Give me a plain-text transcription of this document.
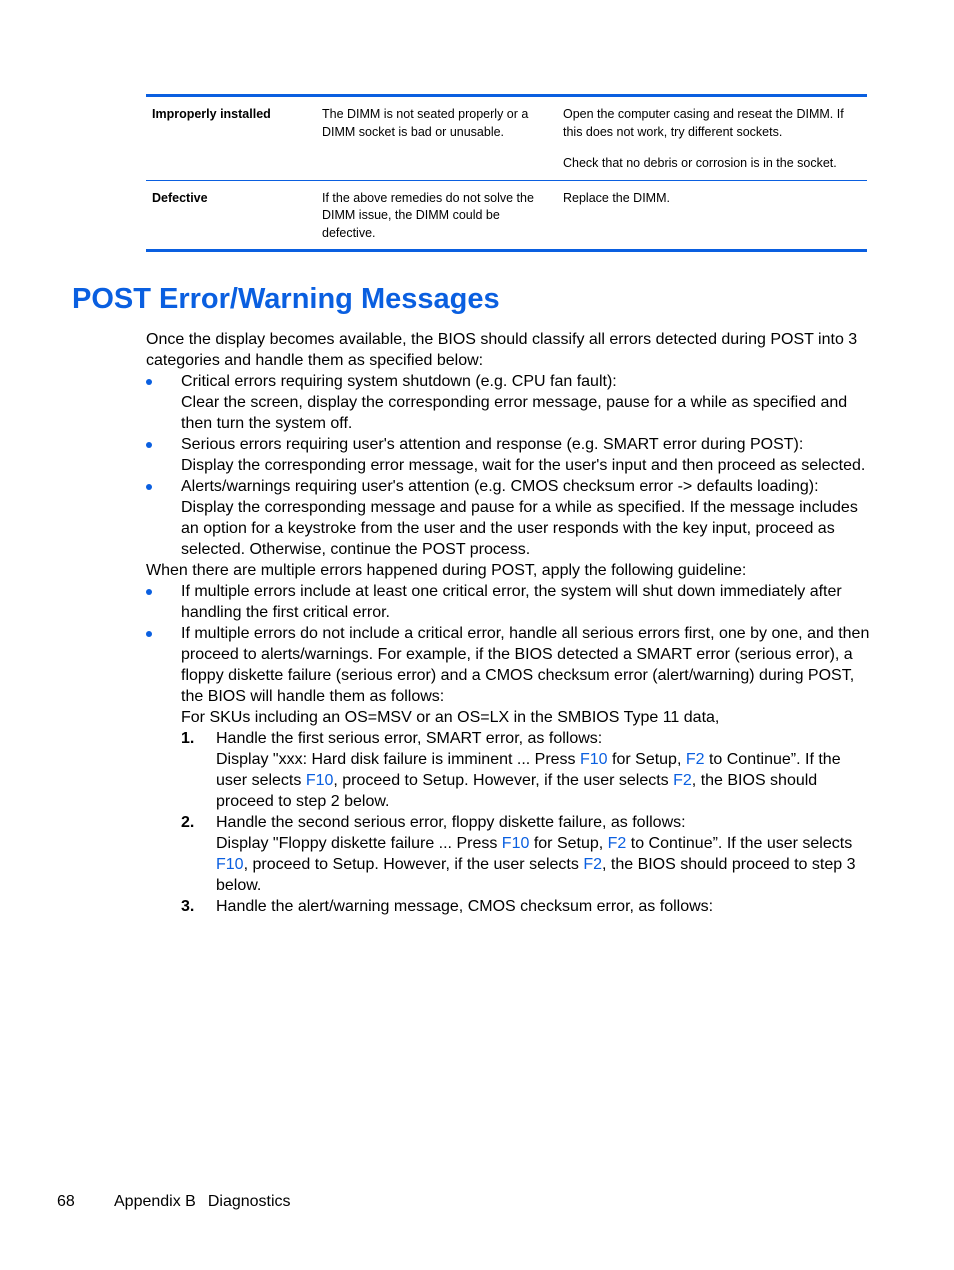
Improperly installed	The DIMM is not seated properly or a DIMM socket is bad or unusable.

Open the computer casing and reseat the DIMM. If this does not work, try different sockets.

Check that no debris or corrosion is in the socket.

Defective	If the above remedies do not solve the DIMM issue, the DIMM could be defective.

Replace the DIMM.

POST Error/Warning Messages

Once the display becomes available, the BIOS should classify all errors detected during POST into 3 categories and handle them as specified below:

Critical errors requiring system shutdown (e.g. CPU fan fault):

Clear the screen, display the corresponding error message, pause for a while as specified and then turn the system off.

Serious errors requiring user's attention and response (e.g. SMART error during POST):

Display the corresponding error message, wait for the user's input and then proceed as selected.

Alerts/warnings requiring user's attention (e.g. CMOS checksum error -> defaults loading):

Display the corresponding message and pause for a while as specified. If the message includes an option for a keystroke from the user and the user responds with the key input, proceed as selected. Otherwise, continue the POST process.

When there are multiple errors happened during POST, apply the following guideline:

If multiple errors include at least one critical error, the system will shut down immediately after handling the first critical error.

If multiple errors do not include a critical error, handle all serious errors first, one by one, and then proceed to alerts/warnings. For example, if the BIOS detected a SMART error (serious error), a floppy diskette failure (serious error) and a CMOS checksum error (alert/warning) during POST, the BIOS will handle them as follows:

For SKUs including an OS=MSV or an OS=LX in the SMBIOS Type 11 data,

1. Handle the first serious error, SMART error, as follows:

Display "xxx: Hard disk failure is imminent ... Press F10 for Setup, F2 to Continue”. If the user selects F10, proceed to Setup. However, if the user selects F2, the BIOS should proceed to step 2 below.

2. Handle the second serious error, floppy diskette failure, as follows:

Display "Floppy diskette failure ... Press F10 for Setup, F2 to Continue”. If the user selects F10, proceed to Setup. However, if the user selects F2, the BIOS should proceed to step 3 below.

3. Handle the alert/warning message, CMOS checksum error, as follows:

68 Appendix B Diagnostics
